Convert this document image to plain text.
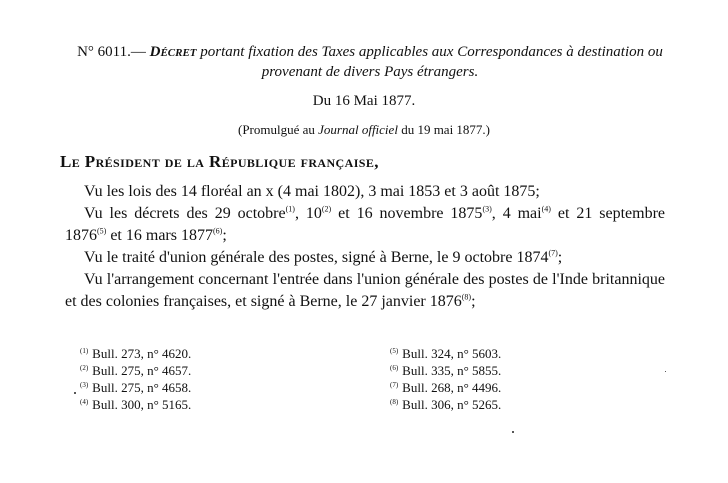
N° 6011.— Décret portant fixation des Taxes applicables aux Correspondances à destination ou provenant de divers Pays étrangers.
Du 16 Mai 1877.
(Promulgué au Journal officiel du 19 mai 1877.)
Le Président de la République française,

Vu les lois des 14 floréal an x (4 mai 1802), 3 mai 1853 et 3 août 1875;

Vu les décrets des 29 octobre$^{(1)}$, 10$^{(2)}$ et 16 novembre 1875$^{(3)}$, 4 mai$^{(4)}$ et 21 septembre 1876$^{(5)}$ et 16 mars 1877$^{(6)}$;

Vu le traité d'union générale des postes, signé à Berne, le 9 octobre 1874$^{(7)}$;

Vu l'arrangement concernant l'entrée dans l'union générale des postes de l'Inde britannique et des colonies françaises, et signé à Berne, le 27 janvier 1876$^{(8)}$;

$^{(1)}$ Bull. 273, n° 4620.
$^{(2)}$ Bull. 275, n° 4657.
$^{(3)}$ Bull. 275, n° 4658.
$^{(4)}$ Bull. 300, n° 5165.
$^{(5)}$ Bull. 324, n° 5603.
$^{(6)}$ Bull. 335, n° 5855.
$^{(7)}$ Bull. 268, n° 4496.
$^{(8)}$ Bull. 306, n° 5265.
